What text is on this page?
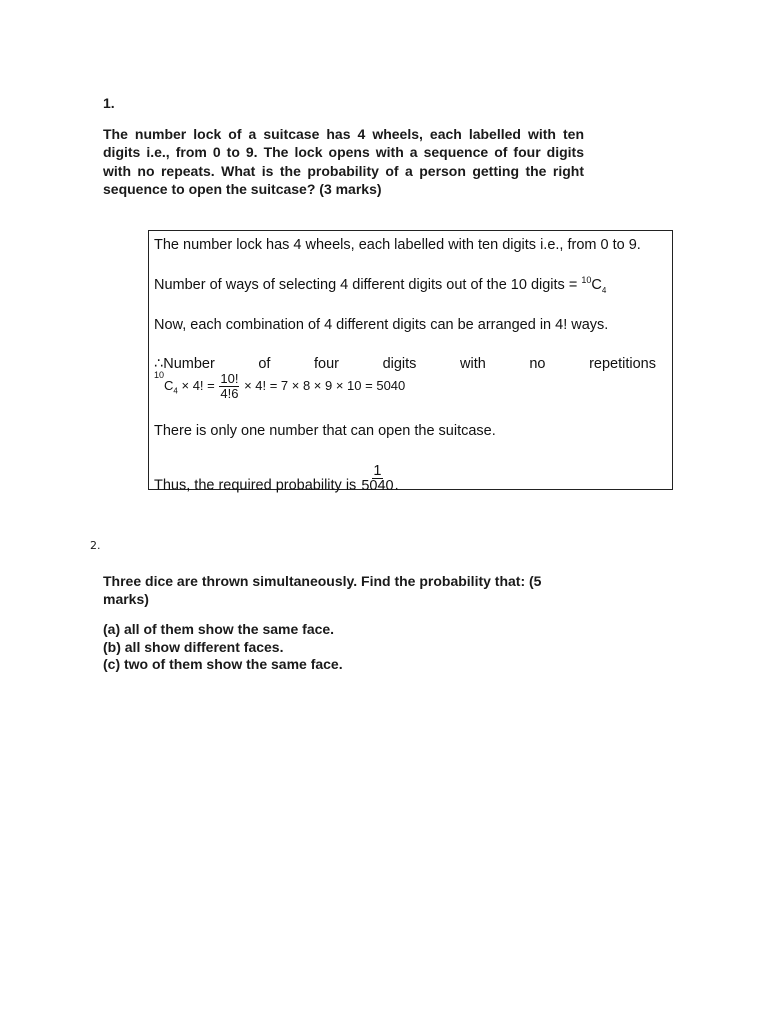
1.

The number lock of a suitcase has 4 wheels, each labelled with ten digits i.e., from 0 to 9. The lock opens with a sequence of four digits with no repeats. What is the probability of a person getting the right sequence to open the suitcase? (3 marks)

The number lock has 4 wheels, each labelled with ten digits i.e., from 0 to 9.
Number of ways of selecting 4 different digits out of the 10 digits = $^{10}C_4$
Now, each combination of 4 different digits can be arranged in 4! ways.
∴Number	of	four	digits	with	no	repetitions
$^{10}C_4 \times 4$! = $\frac{10!}{4!6} \times 4$! = 7 × 8 × 9 × 10 = 5040
There is only one number that can open the suitcase.
Thus, the required probability is $\frac{1}{5040}$ .
2.

Three dice are thrown simultaneously. Find the probability that: (5 marks)

(a) all of them show the same face.
(b) all show different faces.
(c) two of them show the same face.
